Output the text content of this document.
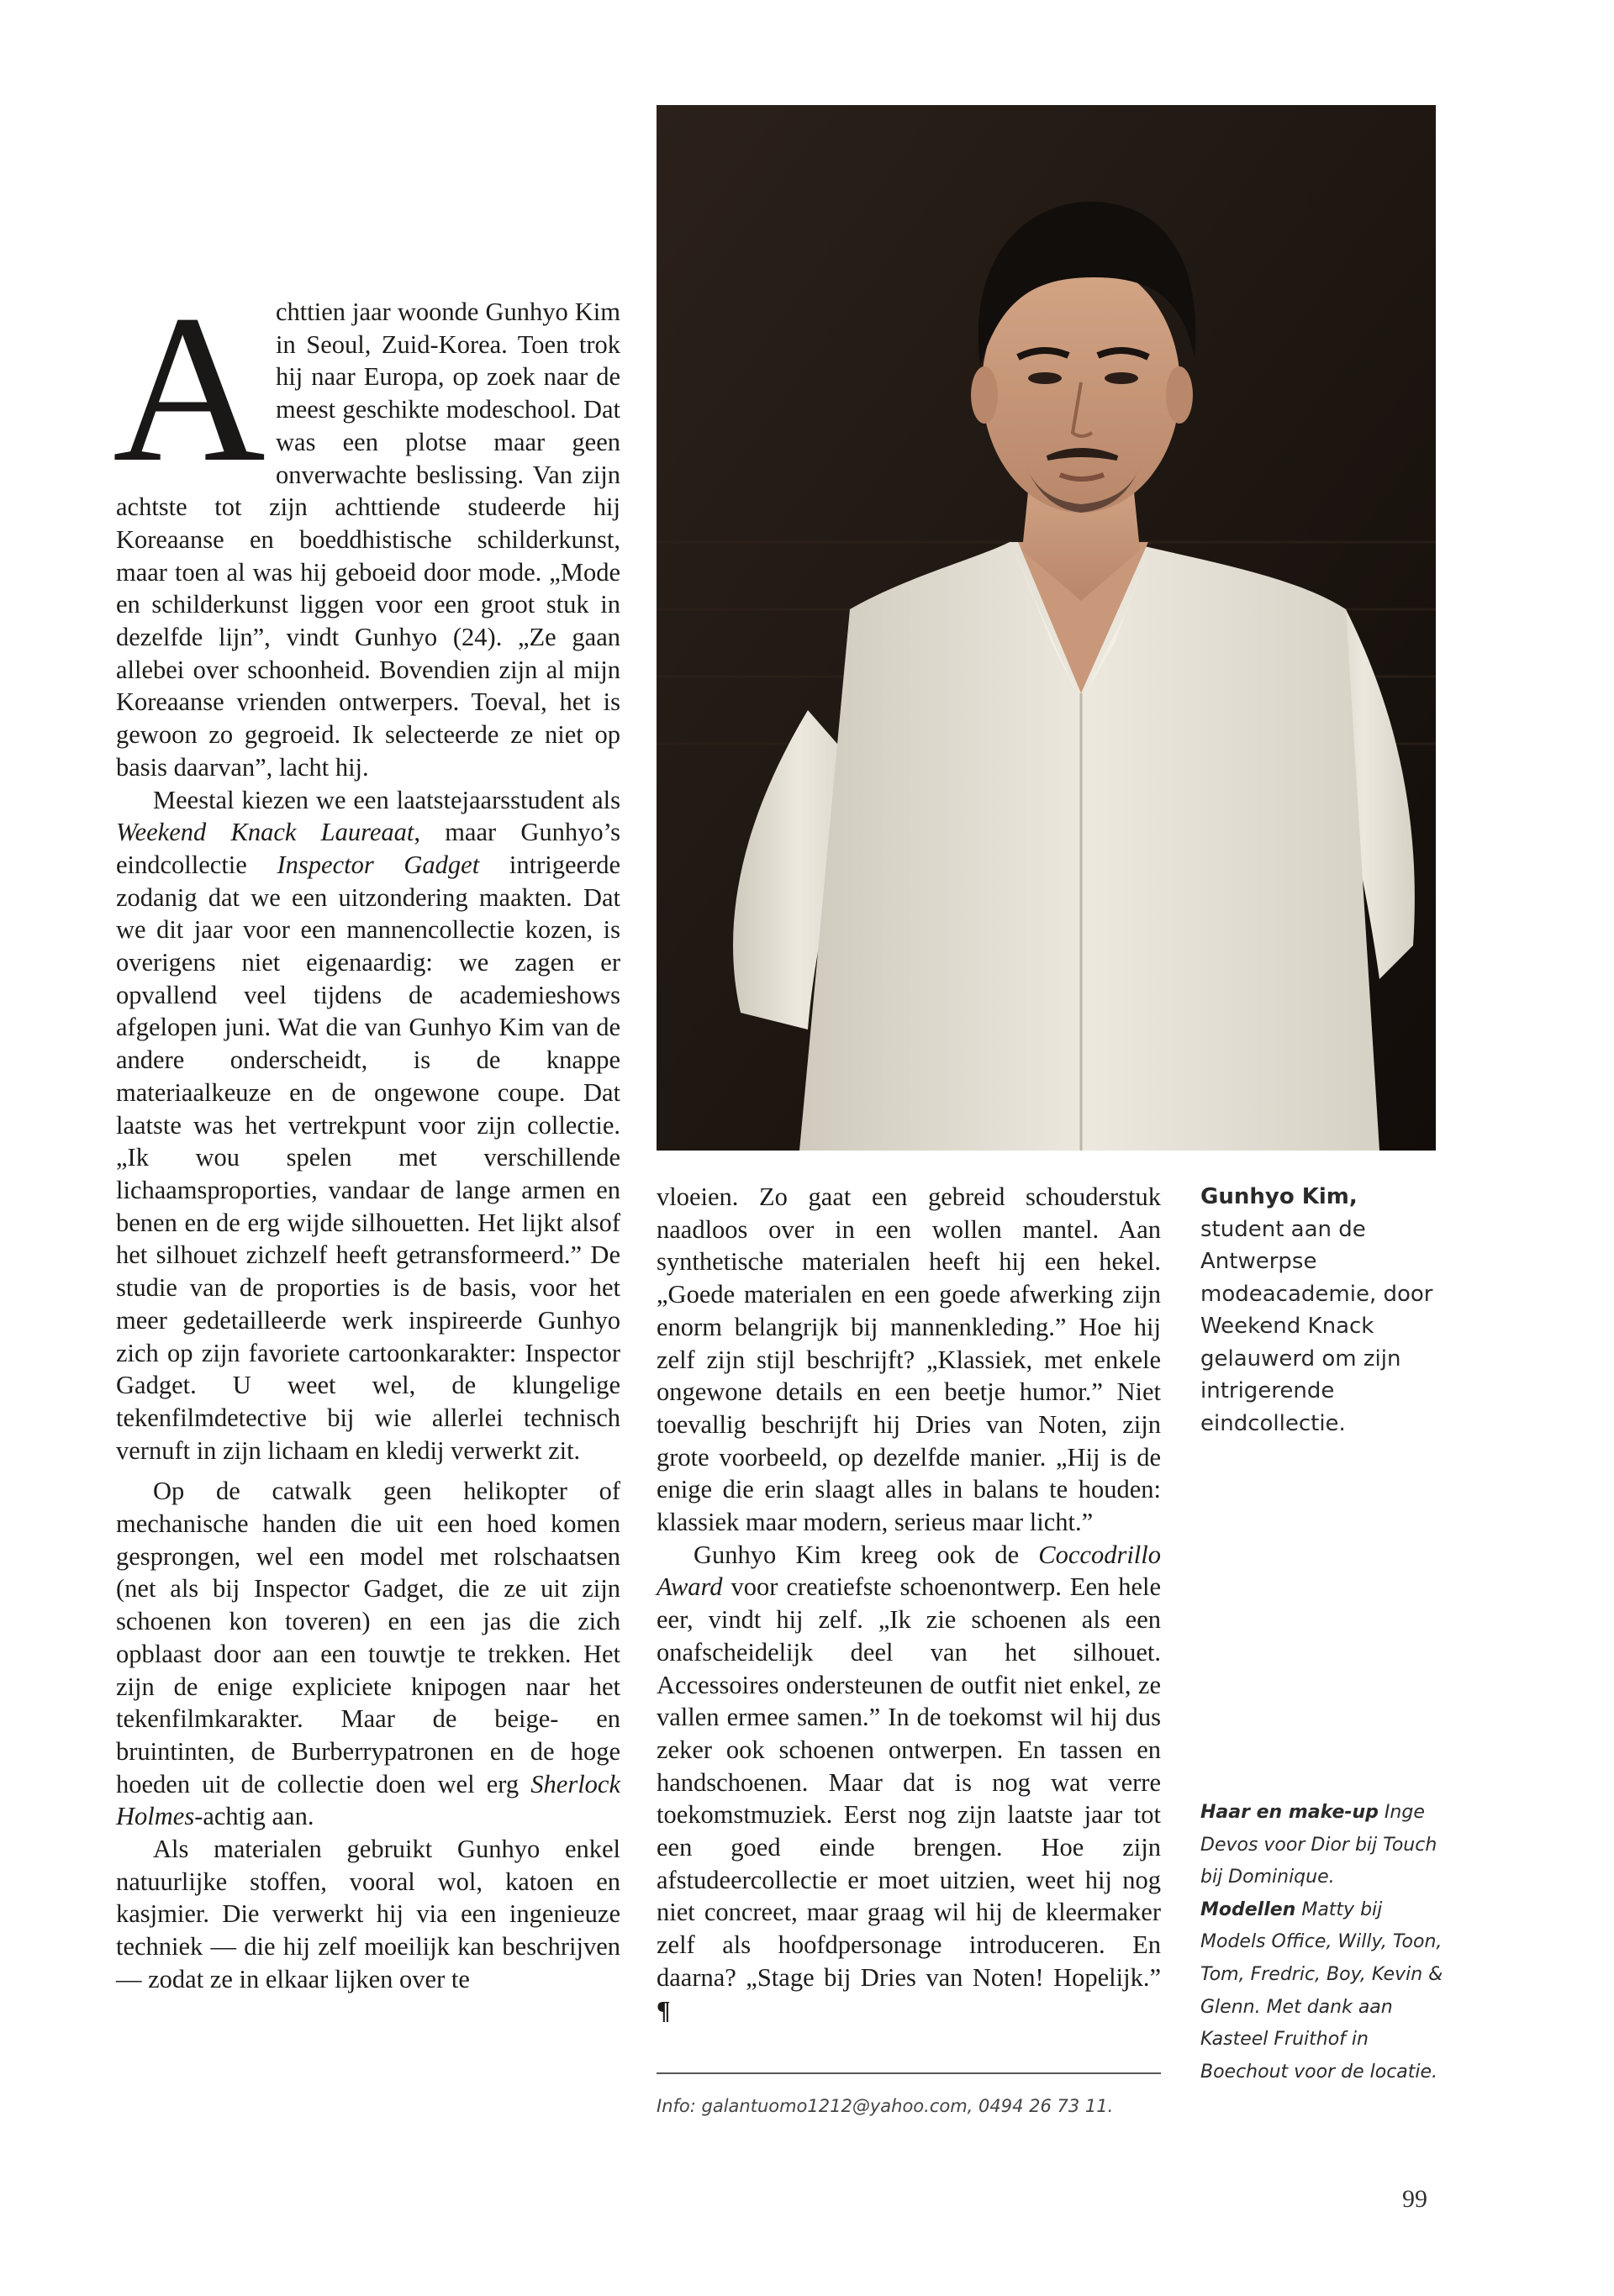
Achttien jaar woonde Gunhyo Kim in Seoul, Zuid-Korea. Toen trok hij naar Europa, op zoek naar de meest geschikte modeschool. Dat was een plotse maar geen onverwachte beslissing. Van zijn achtste tot zijn achttiende studeerde hij Koreaanse en boeddhistische schilderkunst, maar toen al was hij geboeid door mode. „Mode en schilderkunst liggen voor een groot stuk in dezelfde lijn”, vindt Gunhyo (24). „Ze gaan allebei over schoonheid. Bovendien zijn al mijn Koreaanse vrienden ontwerpers. Toeval, het is gewoon zo gegroeid. Ik selecteerde ze niet op basis daarvan”, lacht hij.

Meestal kiezen we een laatstejaarsstudent als Weekend Knack Laureaat, maar Gunhyo’s eindcollectie Inspector Gadget intrigeerde zodanig dat we een uitzondering maakten. Dat we dit jaar voor een mannencollectie kozen, is overigens niet eigenaardig: we zagen er opvallend veel tijdens de academieshows afgelopen juni. Wat die van Gunhyo Kim van de andere onderscheidt, is de knappe materiaalkeuze en de ongewone coupe. Dat laatste was het vertrekpunt voor zijn collectie. „Ik wou spelen met verschillende lichaamsproporties, vandaar de lange armen en benen en de erg wijde silhouetten. Het lijkt alsof het silhouet zichzelf heeft getransformeerd.” De studie van de proporties is de basis, voor het meer gedetailleerde werk inspireerde Gunhyo zich op zijn favoriete cartoonkarakter: Inspector Gadget. U weet wel, de klungelige tekenfilmdetective bij wie allerlei technisch vernuft in zijn lichaam en kledij verwerkt zit.

Op de catwalk geen helikopter of mechanische handen die uit een hoed komen gesprongen, wel een model met rolschaatsen (net als bij Inspector Gadget, die ze uit zijn schoenen kon toveren) en een jas die zich opblaast door aan een touwtje te trekken. Het zijn de enige expliciete knipogen naar het tekenfilmkarakter. Maar de beige- en bruintinten, de Burberrypatronen en de hoge hoeden uit de collectie doen wel erg Sherlock Holmes-achtig aan.

Als materialen gebruikt Gunhyo enkel natuurlijke stoffen, vooral wol, katoen en kasjmier. Die verwerkt hij via een ingenieuze techniek — die hij zelf moeilijk kan beschrijven — zodat ze in elkaar lijken over te

vloeien. Zo gaat een gebreid schouderstuk naadloos over in een wollen mantel. Aan synthetische materialen heeft hij een hekel. „Goede materialen en een goede afwerking zijn enorm belangrijk bij mannenkleding.” Hoe hij zelf zijn stijl beschrijft? „Klassiek, met enkele ongewone details en een beetje humor.” Niet toevallig beschrijft hij Dries van Noten, zijn grote voorbeeld, op dezelfde manier. „Hij is de enige die erin slaagt alles in balans te houden: klassiek maar modern, serieus maar licht.”

Gunhyo Kim kreeg ook de Coccodrillo Award voor creatiefste schoenontwerp. Een hele eer, vindt hij zelf. „Ik zie schoenen als een onafscheidelijk deel van het silhouet. Accessoires ondersteunen de outfit niet enkel, ze vallen ermee samen.” In de toekomst wil hij dus zeker ook schoenen ontwerpen. En tassen en handschoenen. Maar dat is nog wat verre toekomstmuziek. Eerst nog zijn laatste jaar tot een goed einde brengen. Hoe zijn afstudeercollectie er moet uitzien, weet hij nog niet concreet, maar graag wil hij de kleermaker zelf als hoofdpersonage introduceren. En daarna? „Stage bij Dries van Noten! Hopelijk.” ¶

Info: galantuomo1212@yahoo.com, 0494 26 73 11.
Gunhyo Kim,
student aan de Antwerpse modeacademie, door Weekend Knack gelauwerd om zijn intrigerende eindcollectie.
Haar en make-up Inge Devos voor Dior bij Touch bij Dominique.
Modellen Matty bij Models Office, Willy, Toon, Tom, Fredric, Boy, Kevin & Glenn. Met dank aan Kasteel Fruithof in Boechout voor de locatie.
99
